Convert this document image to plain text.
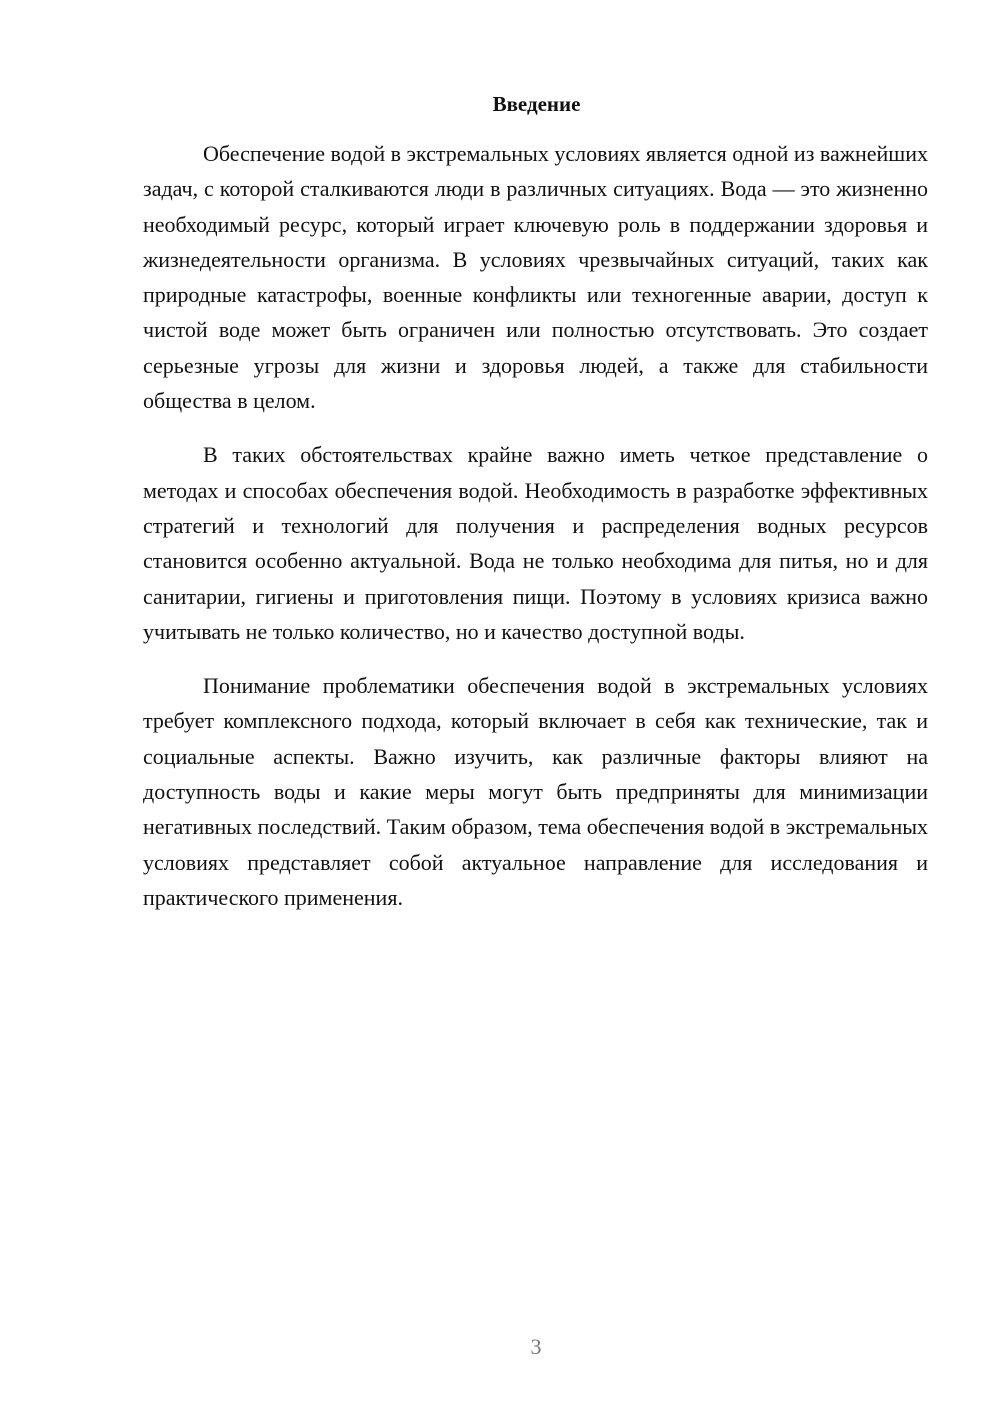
Введение

Обеспечение водой в экстремальных условиях является одной из важнейших задач, с которой сталкиваются люди в различных ситуациях. Вода — это жизненно необходимый ресурс, который играет ключевую роль в поддержании здоровья и жизнедеятельности организма. В условиях чрезвычайных ситуаций, таких как природные катастрофы, военные конфликты или техногенные аварии, доступ к чистой воде может быть ограничен или полностью отсутствовать. Это создает серьезные угрозы для жизни и здоровья людей, а также для стабильности общества в целом.

В таких обстоятельствах крайне важно иметь четкое представление о методах и способах обеспечения водой. Необходимость в разработке эффективных стратегий и технологий для получения и распределения водных ресурсов становится особенно актуальной. Вода не только необходима для питья, но и для санитарии, гигиены и приготовления пищи. Поэтому в условиях кризиса важно учитывать не только количество, но и качество доступной воды.

Понимание проблематики обеспечения водой в экстремальных условиях требует комплексного подхода, который включает в себя как технические, так и социальные аспекты. Важно изучить, как различные факторы влияют на доступность воды и какие меры могут быть предприняты для минимизации негативных последствий. Таким образом, тема обеспечения водой в экстремальных условиях представляет собой актуальное направление для исследования и практического применения.

3
